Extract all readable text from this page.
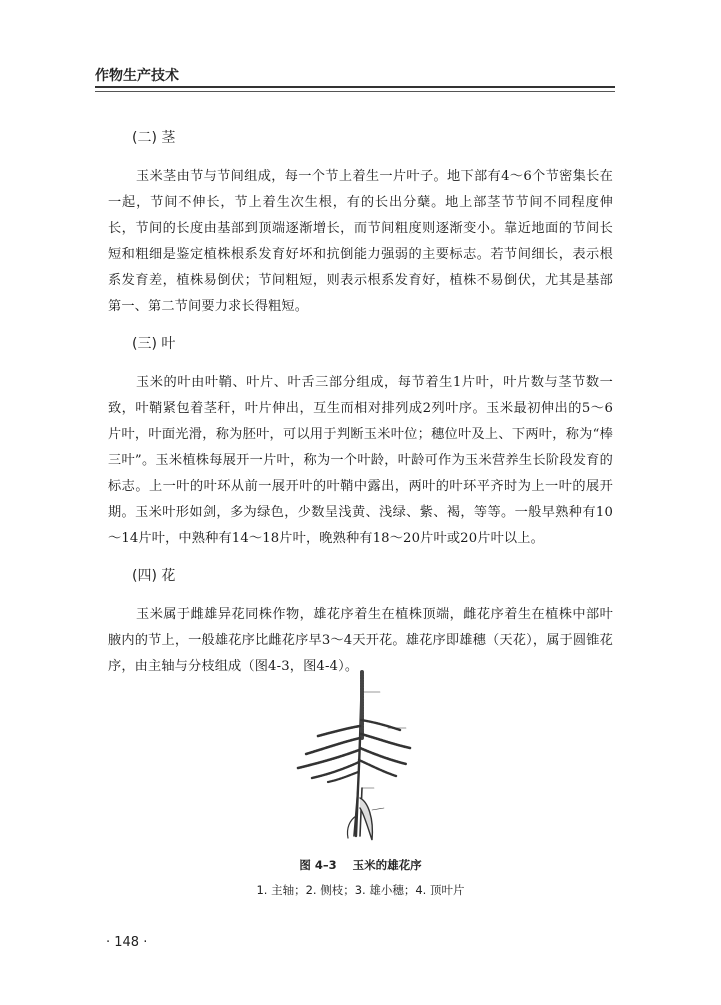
作物生产技术
(二) 茎

玉米茎由节与节间组成，每一个节上着生一片叶子。地下部有4～6个节密集长在一起，节间不伸长，节上着生次生根，有的长出分蘖。地上部茎节节间不同程度伸长，节间的长度由基部到顶端逐渐增长，而节间粗度则逐渐变小。靠近地面的节间长短和粗细是鉴定植株根系发育好坏和抗倒能力强弱的主要标志。若节间细长，表示根系发育差，植株易倒伏；节间粗短，则表示根系发育好，植株不易倒伏，尤其是基部第一、第二节间要力求长得粗短。

(三) 叶

玉米的叶由叶鞘、叶片、叶舌三部分组成，每节着生1片叶，叶片数与茎节数一致，叶鞘紧包着茎秆，叶片伸出，互生而相对排列成2列叶序。玉米最初伸出的5～6片叶，叶面光滑，称为胚叶，可以用于判断玉米叶位；穗位叶及上、下两叶，称为“棒三叶”。玉米植株每展开一片叶，称为一个叶龄，叶龄可作为玉米营养生长阶段发育的标志。上一叶的叶环从前一展开叶的叶鞘中露出，两叶的叶环平齐时为上一叶的展开期。玉米叶形如剑，多为绿色，少数呈浅黄、浅绿、紫、褐，等等。一般早熟种有10～14片叶，中熟种有14～18片叶，晚熟种有18～20片叶或20片叶以上。

(四) 花

玉米属于雌雄异花同株作物，雄花序着生在植株顶端，雌花序着生在植株中部叶腋内的节上，一般雄花序比雌花序早3～4天开花。雄花序即雄穗（天花），属于圆锥花序，由主轴与分枝组成（图4-3，图4-4）。

图 4–3 玉米的雄花序
1. 主轴；2. 侧枝；3. 雄小穗；4. 顶叶片
· 148 ·
